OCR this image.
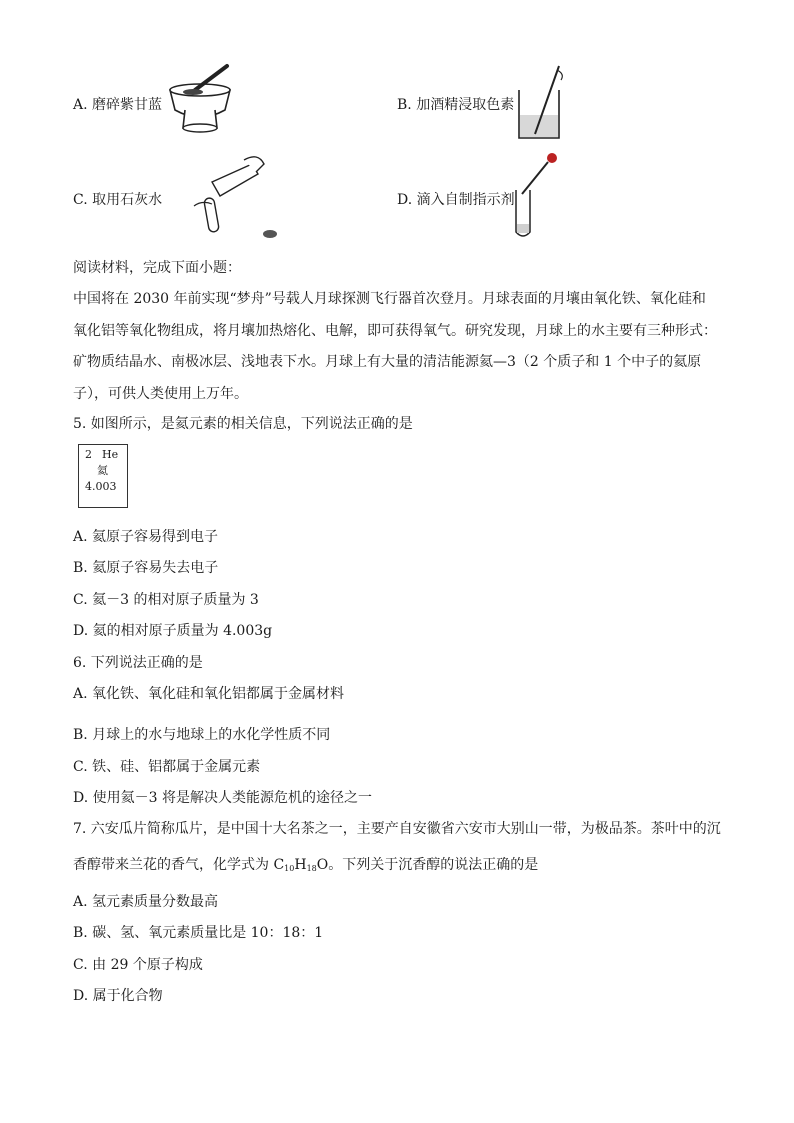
A. 磨碎紫甘蓝	B. 加酒精浸取色素
C. 取用石灰水	D. 滴入自制指示剂
阅读材料，完成下面小题：
中国将在 2030 年前实现“梦舟”号载人月球探测飞行器首次登月。月球表面的月壤由氧化铁、氧化硅和
氧化铝等氧化物组成，将月壤加热熔化、电解，即可获得氧气。研究发现，月球上的水主要有三种形式：
矿物质结晶水、南极冰层、浅地表下水。月球上有大量的清洁能源氦—3（2 个质子和 1 个中子的氦原
子），可供人类使用上万年。
5. 如图所示，是氦元素的相关信息，下列说法正确的是
2 He
氦
4.003
A. 氦原子容易得到电子
B. 氦原子容易失去电子
C. 氦－3 的相对原子质量为 3
D. 氦的相对原子质量为 4.003g
6. 下列说法正确的是
A. 氧化铁、氧化硅和氧化铝都属于金属材料
B. 月球上的水与地球上的水化学性质不同
C. 铁、硅、铝都属于金属元素
D. 使用氦－3 将是解决人类能源危机的途径之一
7. 六安瓜片简称瓜片，是中国十大名茶之一，主要产自安徽省六安市大别山一带，为极品茶。茶叶中的沉
香醇带来兰花的香气，化学式为 $C_{10}H_{18}O$。下列关于沉香醇的说法正确的是
A. 氢元素质量分数最高
B. 碳、氢、氧元素质量比是 10：18：1
C. 由 29 个原子构成
D. 属于化合物
